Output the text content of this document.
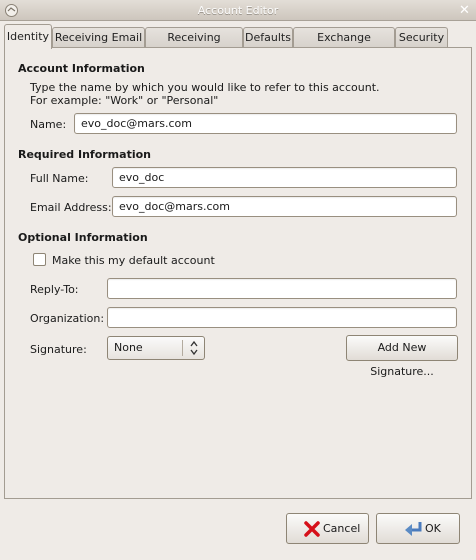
Account Editor	✕
Identity Receiving Email	Receiving	Defaults	Exchange	Security
Account Information
Type the name by which you would like to refer to this account.
For example: "Work" or "Personal"
Name:	evo_doc@mars.com
Required Information
Full Name:	evo_doc
Email Address: evo_doc@mars.com
Optional Information
Make this my default account
Reply-To:
Organization:
Signature:	None	Add New Signature...
Cancel	OK
